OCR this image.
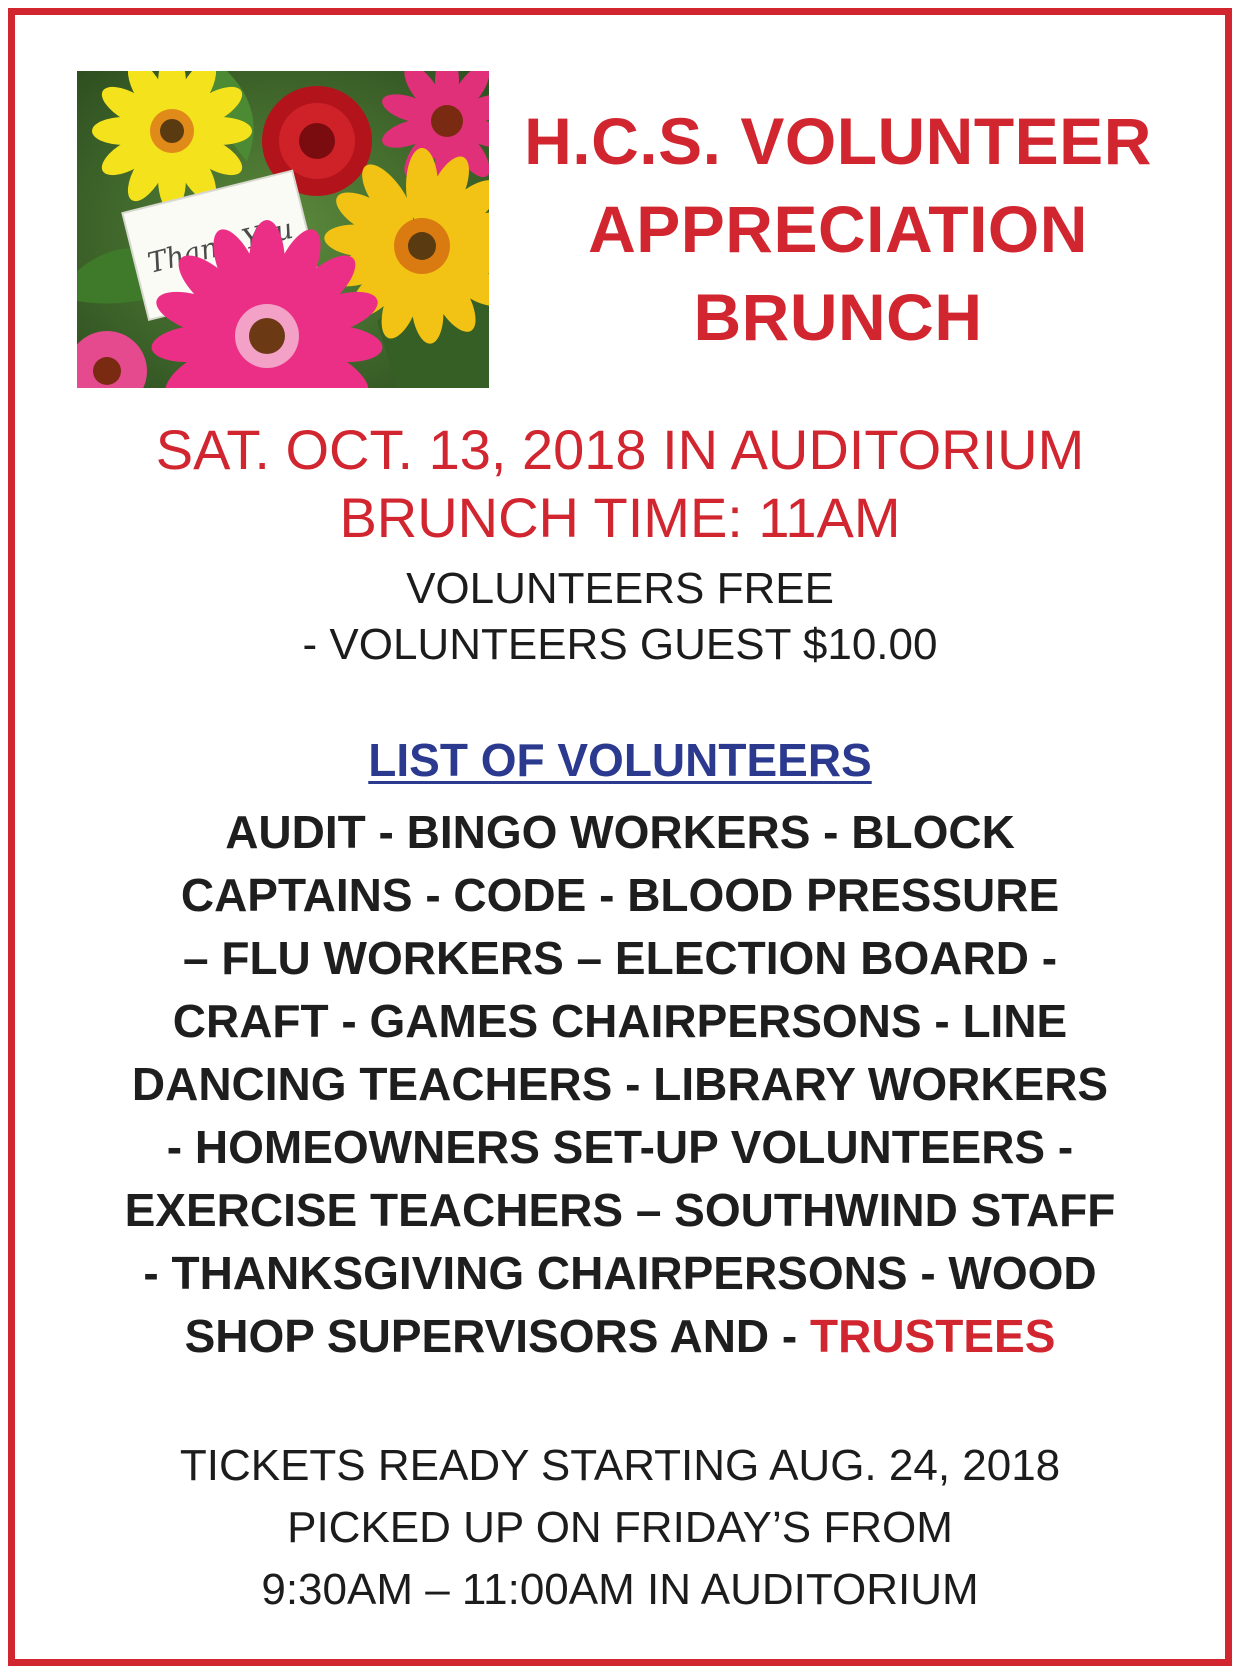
Thank
H.C.S. VOLUNTEER
APPRECIATION
BRUNCH
SAT. OCT. 13, 2018 IN AUDITORIUM
BRUNCH TIME: 11AM
VOLUNTEERS FREE
- VOLUNTEERS GUEST $10.00
LIST OF VOLUNTEERS
AUDIT - BINGO WORKERS - BLOCK
CAPTAINS - CODE - BLOOD PRESSURE
– FLU WORKERS – ELECTION BOARD -
CRAFT - GAMES CHAIRPERSONS - LINE
DANCING TEACHERS - LIBRARY WORKERS
- HOMEOWNERS SET-UP VOLUNTEERS -
EXERCISE TEACHERS – SOUTHWIND STAFF
- THANKSGIVING CHAIRPERSONS - WOOD
SHOP SUPERVISORS AND - TRUSTEES
TICKETS READY STARTING AUG. 24, 2018
PICKED UP ON FRIDAY’S FROM
9:30AM – 11:00AM IN AUDITORIUM
